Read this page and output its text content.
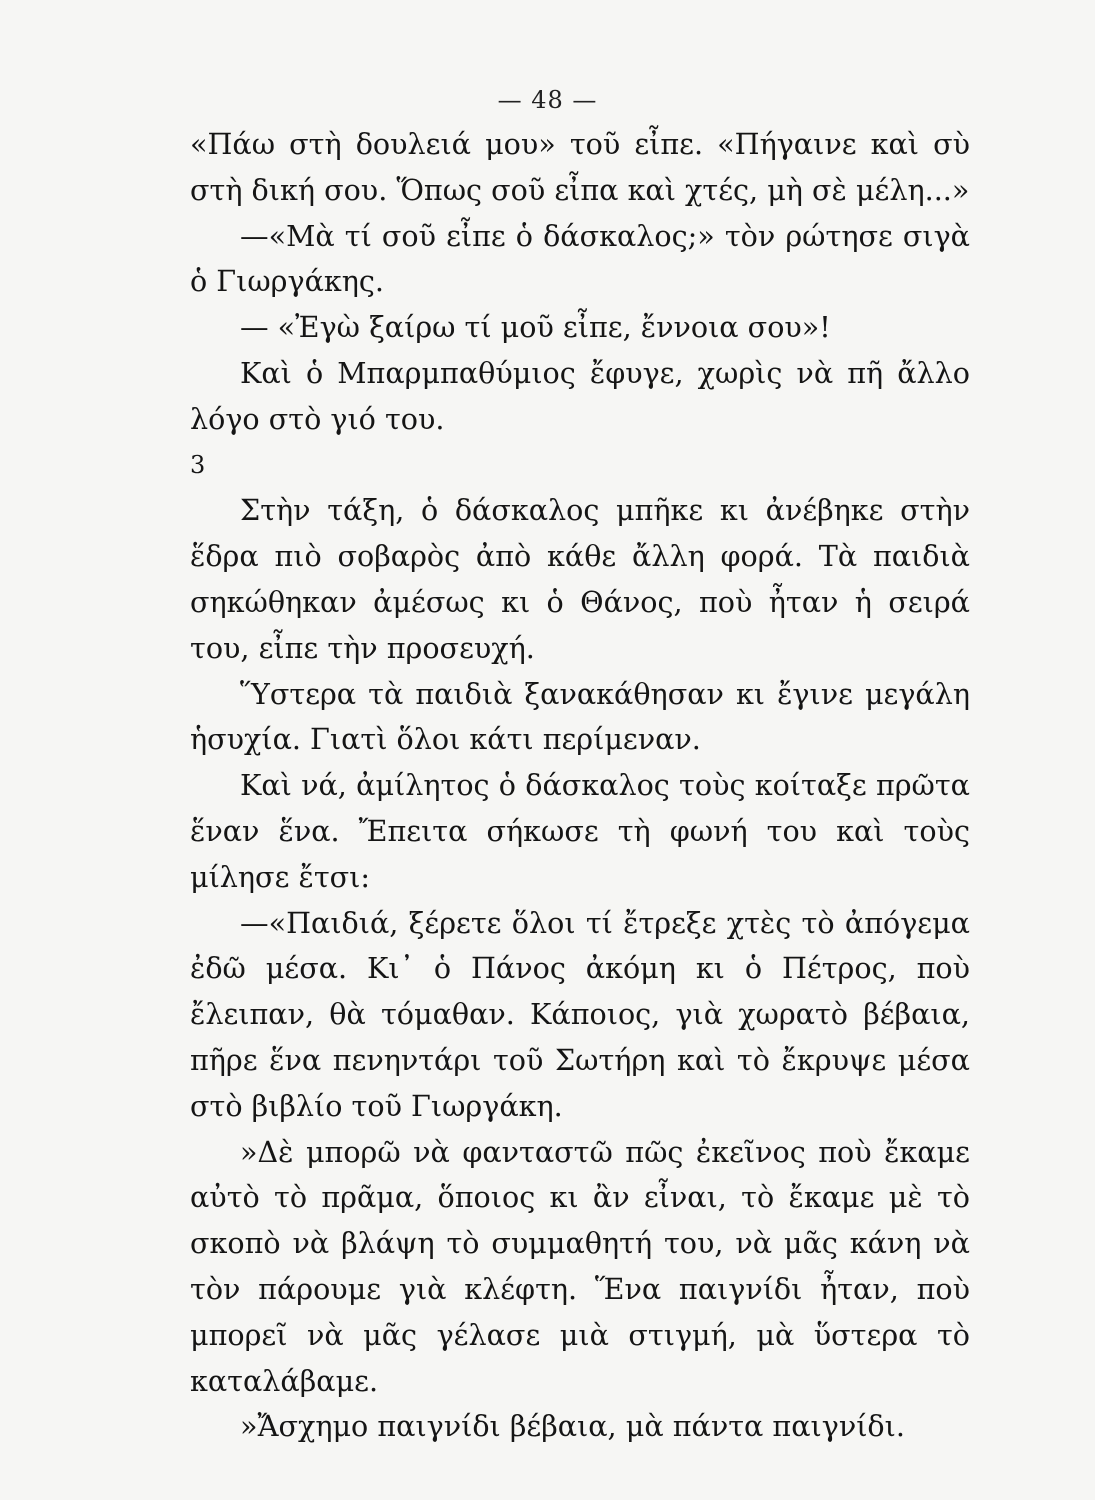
— 48 —

«Πάω στὴ δουλειά μου» τοῦ εἶπε. «Πήγαινε καὶ σὺ στὴ δική σου. Ὅπως σοῦ εἶπα καὶ χτές, μὴ σὲ μέλη...»

—«Μὰ τί σοῦ εἶπε ὁ δάσκαλος;» τὸν ρώτησε σιγὰ ὁ Γιωργάκης.

— «Ἐγὼ ξαίρω τί μοῦ εἶπε, ἔννοια σου»!

Καὶ ὁ Μπαρμπαθύμιος ἔφυγε, χωρὶς νὰ πῆ ἄλλο λόγο στὸ γιό του.

3

Στὴν τάξη, ὁ δάσκαλος μπῆκε κι ἀνέβηκε στὴν ἕδρα πιὸ σοβαρὸς ἀπὸ κάθε ἄλλη φορά. Τὰ παιδιὰ σηκώθηκαν ἀμέσως κι ὁ Θάνος, ποὺ ἦταν ἡ σειρά του, εἶπε τὴν προσευχή.

Ὕστερα τὰ παιδιὰ ξανακάθησαν κι ἔγινε μεγάλη ἡσυχία. Γιατὶ ὅλοι κάτι περίμεναν.

Καὶ νά, ἀμίλητος ὁ δάσκαλος τοὺς κοίταξε πρῶτα ἕναν ἕνα. Ἔπειτα σήκωσε τὴ φωνή του καὶ τοὺς μίλησε ἔτσι:

—«Παιδιά, ξέρετε ὅλοι τί ἔτρεξε χτὲς τὸ ἀπόγεμα ἐδῶ μέσα. Κι᾽ ὁ Πάνος ἀκόμη κι ὁ Πέτρος, ποὺ ἔλειπαν, θὰ τόμαθαν. Κάποιος, γιὰ χωρατὸ βέβαια, πῆρε ἕνα πενηντάρι τοῦ Σωτήρη καὶ τὸ ἔκρυψε μέσα στὸ βιβλίο τοῦ Γιωργάκη.

»Δὲ μπορῶ νὰ φανταστῶ πῶς ἐκεῖνος ποὺ ἔκαμε αὐτὸ τὸ πρᾶμα, ὅποιος κι ἂν εἶναι, τὸ ἔκαμε μὲ τὸ σκοπὸ νὰ βλάψη τὸ συμμαθητή του, νὰ μᾶς κάνη νὰ τὸν πάρουμε γιὰ κλέφτη. Ἕνα παιγνίδι ἦταν, ποὺ μπορεῖ νὰ μᾶς γέλασε μιὰ στιγμή, μὰ ὕστερα τὸ καταλάβαμε.

»Ἄσχημο παιγνίδι βέβαια, μὰ πάντα παιγνίδι.
